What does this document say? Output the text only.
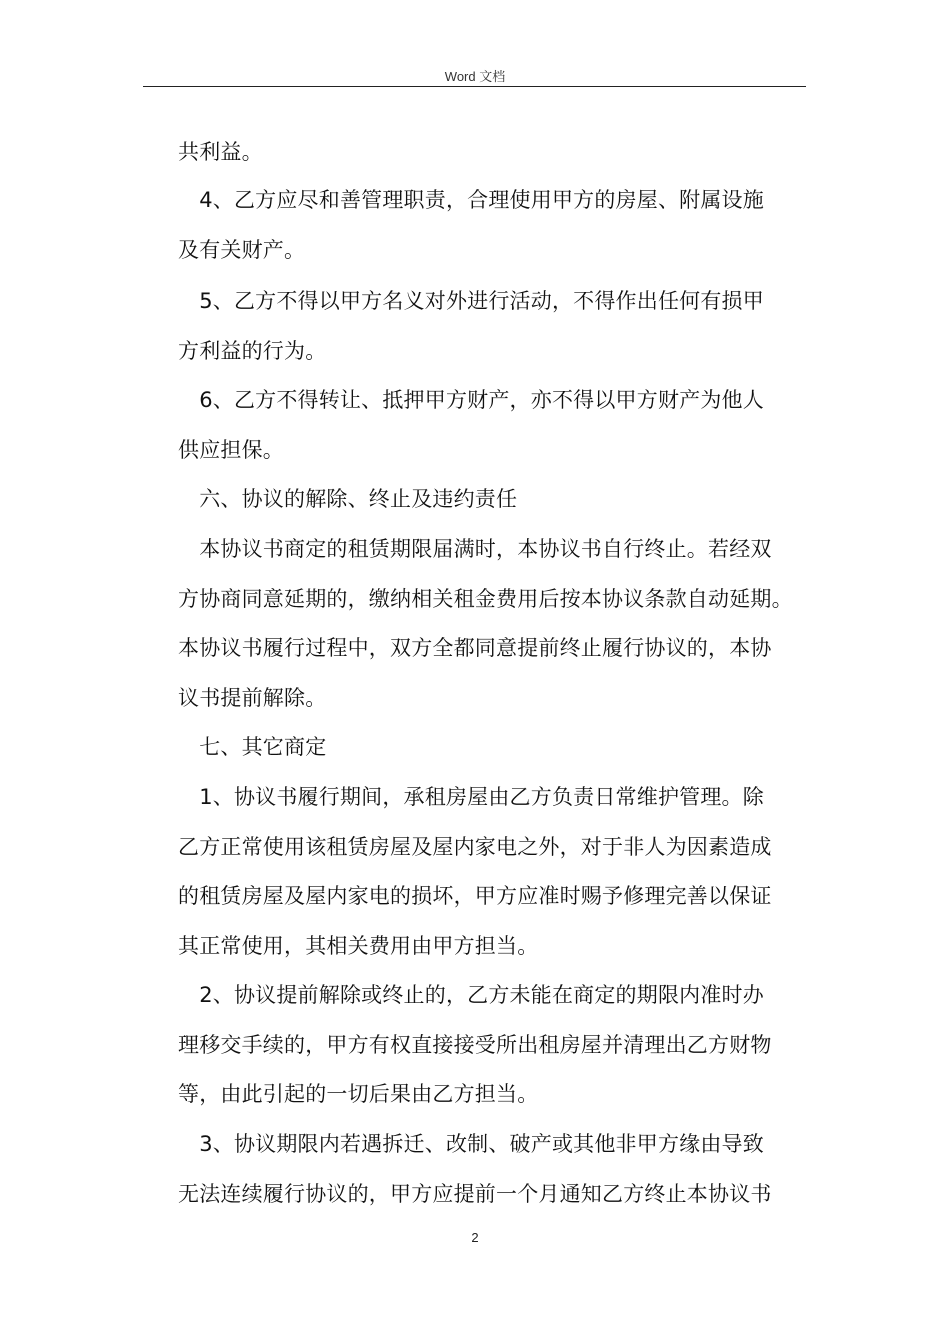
Word 文档
共利益。
　4、乙方应尽和善管理职责，合理使用甲方的房屋、附属设施
及有关财产。
　5、乙方不得以甲方名义对外进行活动，不得作出任何有损甲
方利益的行为。
　6、乙方不得转让、抵押甲方财产，亦不得以甲方财产为他人
供应担保。
　六、协议的解除、终止及违约责任
　本协议书商定的租赁期限届满时，本协议书自行终止。若经双
方协商同意延期的，缴纳相关租金费用后按本协议条款自动延期。
本协议书履行过程中，双方全都同意提前终止履行协议的，本协
议书提前解除。
　七、其它商定
　1、协议书履行期间，承租房屋由乙方负责日常维护管理。除
乙方正常使用该租赁房屋及屋内家电之外，对于非人为因素造成
的租赁房屋及屋内家电的损坏，甲方应准时赐予修理完善以保证
其正常使用，其相关费用由甲方担当。
　2、协议提前解除或终止的，乙方未能在商定的期限内准时办
理移交手续的，甲方有权直接接受所出租房屋并清理出乙方财物
等，由此引起的一切后果由乙方担当。
　3、协议期限内若遇拆迁、改制、破产或其他非甲方缘由导致
无法连续履行协议的，甲方应提前一个月通知乙方终止本协议书
2
